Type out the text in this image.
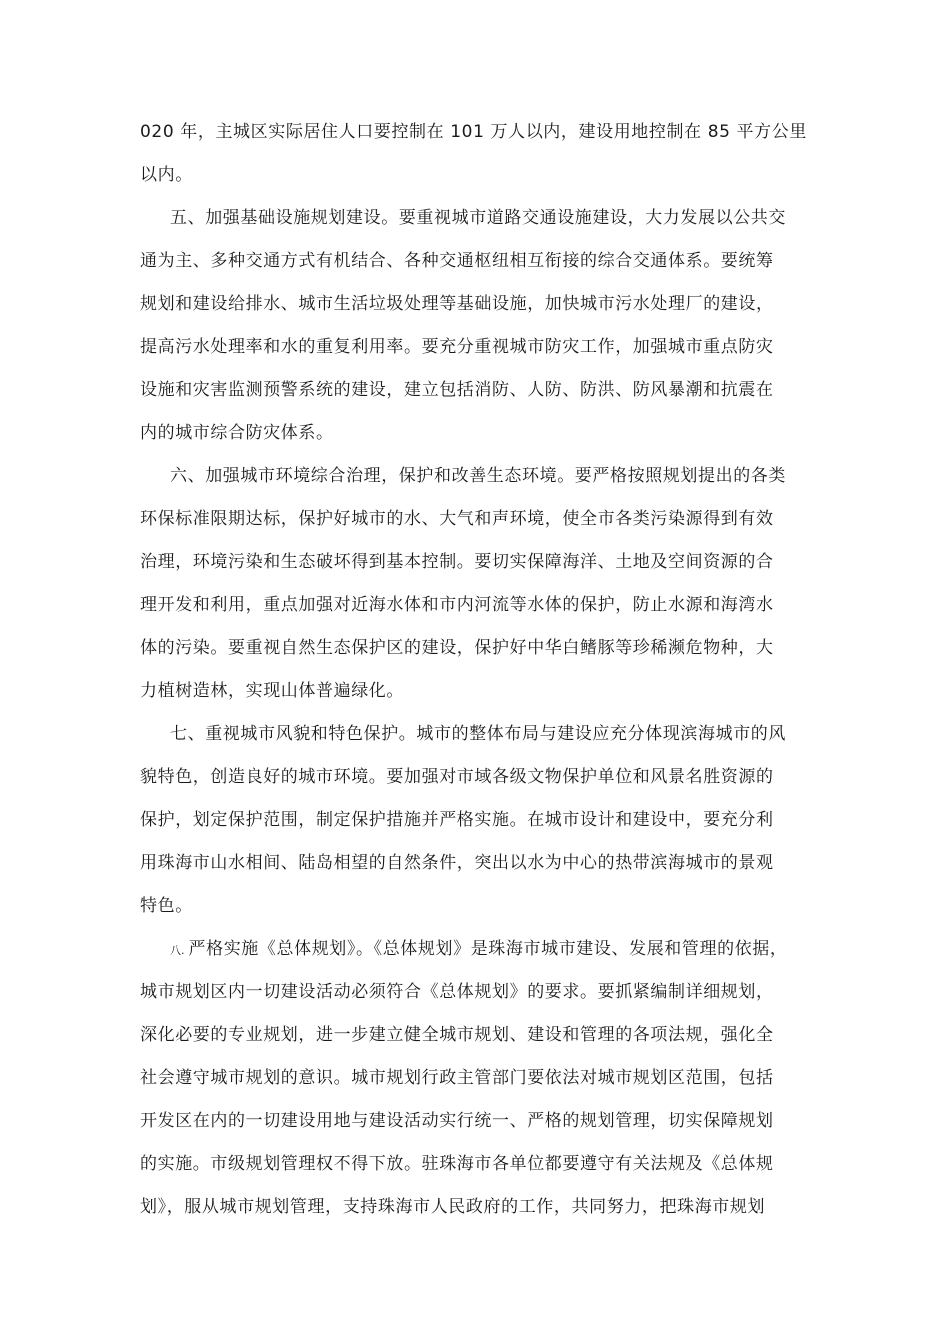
020 年，主城区实际居住人口要控制在 101 万人以内，建设用地控制在 85 平方公里
以内。
五、加强基础设施规划建设。要重视城市道路交通设施建设，大力发展以公共交
通为主、多种交通方式有机结合、各种交通枢纽相互衔接的综合交通体系。要统筹
规划和建设给排水、城市生活垃圾处理等基础设施，加快城市污水处理厂的建设，
提高污水处理率和水的重复利用率。要充分重视城市防灾工作，加强城市重点防灾
设施和灾害监测预警系统的建设，建立包括消防、人防、防洪、防风暴潮和抗震在
内的城市综合防灾体系。
六、加强城市环境综合治理，保护和改善生态环境。要严格按照规划提出的各类
环保标准限期达标，保护好城市的水、大气和声环境，使全市各类污染源得到有效
治理，环境污染和生态破坏得到基本控制。要切实保障海洋、土地及空间资源的合
理开发和利用，重点加强对近海水体和市内河流等水体的保护，防止水源和海湾水
体的污染。要重视自然生态保护区的建设，保护好中华白鳍豚等珍稀濒危物种，大
力植树造林，实现山体普遍绿化。
七、重视城市风貌和特色保护。城市的整体布局与建设应充分体现滨海城市的风
貌特色，创造良好的城市环境。要加强对市域各级文物保护单位和风景名胜资源的
保护，划定保护范围，制定保护措施并严格实施。在城市设计和建设中，要充分利
用珠海市山水相间、陆岛相望的自然条件，突出以水为中心的热带滨海城市的景观
特色。
八. 严格实施《总体规划》。《总体规划》是珠海市城市建设、发展和管理的依据，
城市规划区内一切建设活动必须符合《总体规划》的要求。要抓紧编制详细规划，
深化必要的专业规划，进一步建立健全城市规划、建设和管理的各项法规，强化全
社会遵守城市规划的意识。城市规划行政主管部门要依法对城市规划区范围，包括
开发区在内的一切建设用地与建设活动实行统一、严格的规划管理，切实保障规划
的实施。市级规划管理权不得下放。驻珠海市各单位都要遵守有关法规及《总体规
划》，服从城市规划管理，支持珠海市人民政府的工作，共同努力，把珠海市规划
